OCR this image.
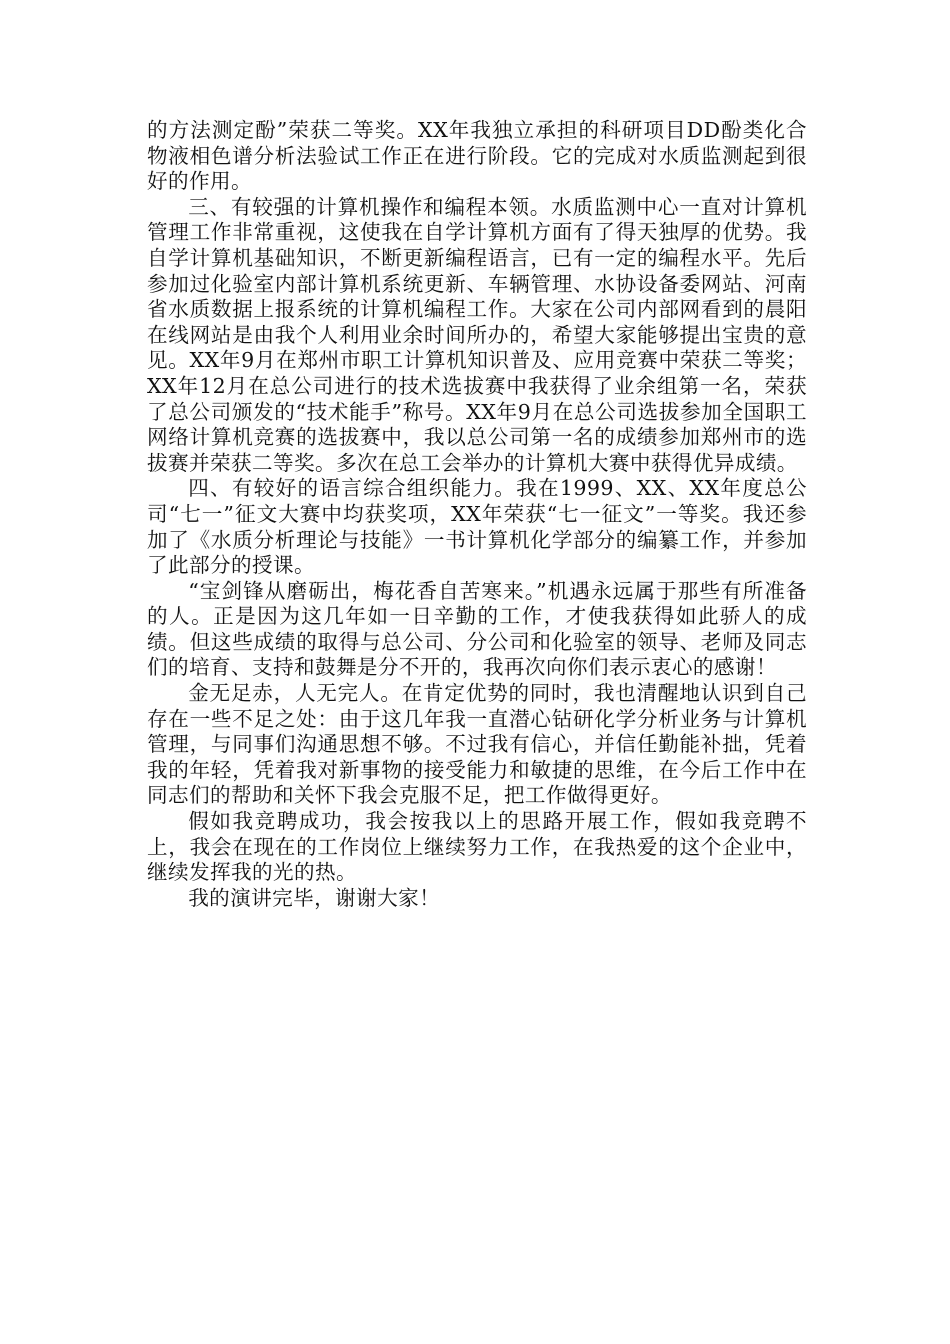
的方法测定酚”荣获二等奖。XX年我独立承担的科研项目DD酚类化合物液相色谱分析法验试工作正在进行阶段。它的完成对水质监测起到很好的作用。

三、有较强的计算机操作和编程本领。水质监测中心一直对计算机管理工作非常重视，这使我在自学计算机方面有了得天独厚的优势。我自学计算机基础知识，不断更新编程语言，已有一定的编程水平。先后参加过化验室内部计算机系统更新、车辆管理、水协设备委网站、河南省水质数据上报系统的计算机编程工作。大家在公司内部网看到的晨阳在线网站是由我个人利用业余时间所办的，希望大家能够提出宝贵的意见。XX年9月在郑州市职工计算机知识普及、应用竞赛中荣获二等奖；XX年12月在总公司进行的技术选拔赛中我获得了业余组第一名，荣获了总公司颁发的“技术能手”称号。XX年9月在总公司选拔参加全国职工网络计算机竞赛的选拔赛中，我以总公司第一名的成绩参加郑州市的选拔赛并荣获二等奖。多次在总工会举办的计算机大赛中获得优异成绩。

四、有较好的语言综合组织能力。我在1999、XX、XX年度总公司“七一”征文大赛中均获奖项，XX年荣获“七一征文”一等奖。我还参加了《水质分析理论与技能》一书计算机化学部分的编纂工作，并参加了此部分的授课。

“宝剑锋从磨砺出，梅花香自苦寒来。”机遇永远属于那些有所准备的人。正是因为这几年如一日辛勤的工作，才使我获得如此骄人的成绩。但这些成绩的取得与总公司、分公司和化验室的领导、老师及同志们的培育、支持和鼓舞是分不开的，我再次向你们表示衷心的感谢！

金无足赤，人无完人。在肯定优势的同时，我也清醒地认识到自己存在一些不足之处：由于这几年我一直潜心钻研化学分析业务与计算机管理，与同事们沟通思想不够。不过我有信心，并信任勤能补拙，凭着我的年轻，凭着我对新事物的接受能力和敏捷的思维，在今后工作中在同志们的帮助和关怀下我会克服不足，把工作做得更好。

假如我竞聘成功，我会按我以上的思路开展工作，假如我竞聘不上，我会在现在的工作岗位上继续努力工作，在我热爱的这个企业中，继续发挥我的光的热。

我的演讲完毕，谢谢大家！
